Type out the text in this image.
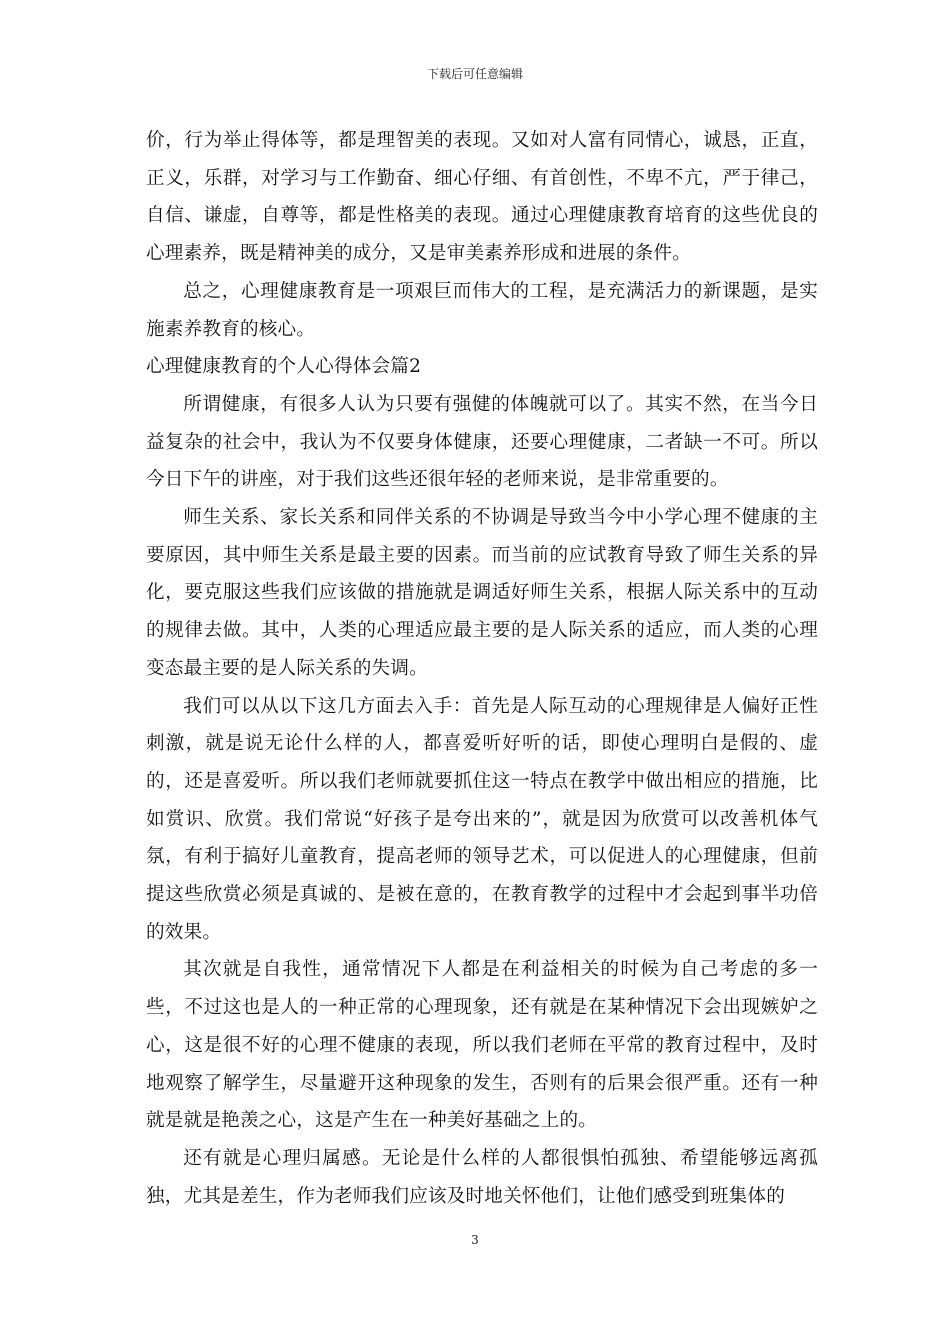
下载后可任意编辑

价，行为举止得体等，都是理智美的表现。又如对人富有同情心，诚恳，正直，正义，乐群，对学习与工作勤奋、细心仔细、有首创性，不卑不亢，严于律己，自信、谦虚，自尊等，都是性格美的表现。通过心理健康教育培育的这些优良的心理素养，既是精神美的成分，又是审美素养形成和进展的条件。

总之，心理健康教育是一项艰巨而伟大的工程，是充满活力的新课题，是实施素养教育的核心。

心理健康教育的个人心得体会篇2

所谓健康，有很多人认为只要有强健的体魄就可以了。其实不然，在当今日益复杂的社会中，我认为不仅要身体健康，还要心理健康，二者缺一不可。所以今日下午的讲座，对于我们这些还很年轻的老师来说，是非常重要的。

师生关系、家长关系和同伴关系的不协调是导致当今中小学心理不健康的主要原因，其中师生关系是最主要的因素。而当前的应试教育导致了师生关系的异化，要克服这些我们应该做的措施就是调适好师生关系，根据人际关系中的互动的规律去做。其中，人类的心理适应最主要的是人际关系的适应，而人类的心理变态最主要的是人际关系的失调。

我们可以从以下这几方面去入手：首先是人际互动的心理规律是人偏好正性刺激，就是说无论什么样的人，都喜爱听好听的话，即使心理明白是假的、虚的，还是喜爱听。所以我们老师就要抓住这一特点在教学中做出相应的措施，比如赏识、欣赏。我们常说“好孩子是夸出来的”，就是因为欣赏可以改善机体气氛，有利于搞好儿童教育，提高老师的领导艺术，可以促进人的心理健康，但前提这些欣赏必须是真诚的、是被在意的，在教育教学的过程中才会起到事半功倍的效果。

其次就是自我性，通常情况下人都是在利益相关的时候为自己考虑的多一些，不过这也是人的一种正常的心理现象，还有就是在某种情况下会出现嫉妒之心，这是很不好的心理不健康的表现，所以我们老师在平常的教育过程中，及时地观察了解学生，尽量避开这种现象的发生，否则有的后果会很严重。还有一种就是就是艳羡之心，这是产生在一种美好基础之上的。

还有就是心理归属感。无论是什么样的人都很惧怕孤独、希望能够远离孤独，尤其是差生，作为老师我们应该及时地关怀他们，让他们感受到班集体的

3
